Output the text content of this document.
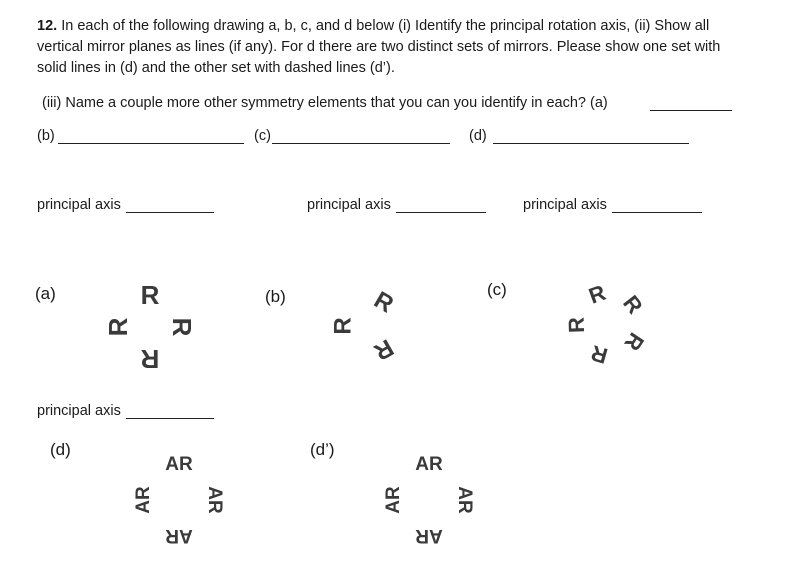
12. In each of the following drawing a, b, c, and d below (i) Identify the principal rotation axis, (ii) Show all vertical mirror planes as lines (if any). For d there are two distinct sets of mirrors. Please show one set with solid lines in (d) and the other set with dashed lines (d’).
(iii) Name a couple more other symmetry elements that you can you identify in each? (a)
(b)	(c)	(d)
principal axis	principal axis	principal axis
(a)	(b)	(c)
principal axis
(d)	(d’)
R
R
R
R
R
R
R
R R
R
R
R
AR
AR
AR
AR
AR
AR
AR
AR
